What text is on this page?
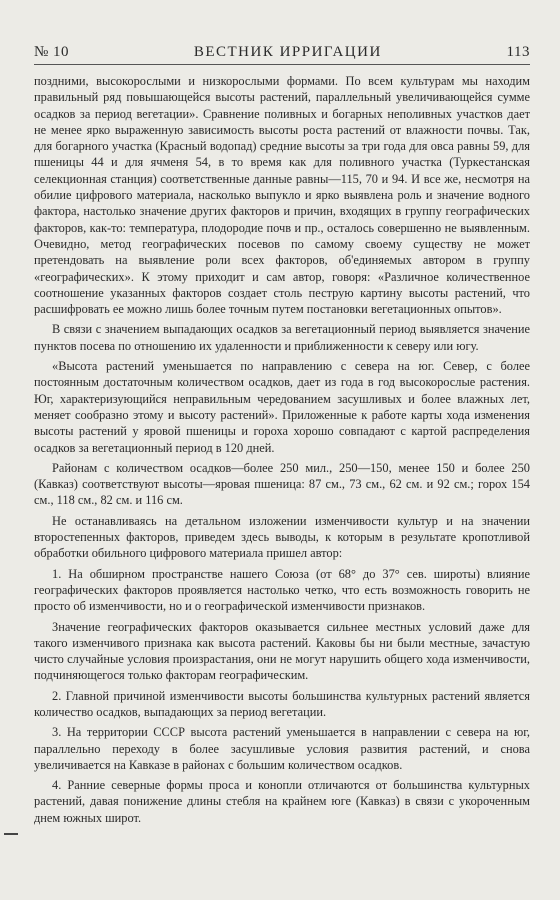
№ 10	ВЕСТНИК ИРРИГАЦИИ	113

поздними, высокорослыми и низкорослыми формами. По всем культурам мы находим правильный ряд повышающейся высоты растений, параллельный увеличивающейся сумме осадков за период вегетации». Сравнение поливных и богарных неполивных участков дает не менее ярко выраженную зависимость высоты роста растений от влажности почвы. Так, для богарного участка (Красный водопад) средние высоты за три года для овса равны 59, для пшеницы 44 и для ячменя 54, в то время как для поливного участка (Туркестанская селекционная станция) соответственные данные равны—115, 70 и 94. И все же, несмотря на обилие цифрового материала, насколько выпукло и ярко выявлена роль и значение водного фактора, настолько значение других факторов и причин, входящих в группу географических факторов, как-то: температура, плодородие почв и пр., осталось совершенно не выявленным. Очевидно, метод географических посевов по самому своему существу не может претендовать на выявление роли всех факторов, об'единяемых автором в группу «географических». К этому приходит и сам автор, говоря: «Различное количественное соотношение указанных факторов создает столь пеструю картину высоты растений, что расшифровать ее можно лишь более точным путем постановки вегетационных опытов».

В связи с значением выпадающих осадков за вегетационный период выявляется значение пунктов посева по отношению их удаленности и приближенности к северу или югу.

«Высота растений уменьшается по направлению с севера на юг. Север, с более постоянным достаточным количеством осадков, дает из года в год высокорослые растения. Юг, характеризующийся неправильным чередованием засушливых и более влажных лет, меняет сообразно этому и высоту растений». Приложенные к работе карты хода изменения высоты растений у яровой пшеницы и гороха хорошо совпадают с картой распределения осадков за вегетационный период в 120 дней.

Районам с количеством осадков—более 250 мил., 250—150, менее 150 и более 250 (Кавказ) соответствуют высоты—яровая пшеница: 87 см., 73 см., 62 см. и 92 см.; горох 154 см., 118 см., 82 см. и 116 см.

Не останавливаясь на детальном изложении изменчивости культур и на значении второстепенных факторов, приведем здесь выводы, к которым в результате кропотливой обработки обильного цифрового материала пришел автор:

1. На обширном пространстве нашего Союза (от 68° до 37° сев. широты) влияние географических факторов проявляется настолько четко, что есть возможность говорить не просто об изменчивости, но и о географической изменчивости признаков.

Значение географических факторов оказывается сильнее местных условий даже для такого изменчивого признака как высота растений. Каковы бы ни были местные, зачастую чисто случайные условия произрастания, они не могут нарушить общего хода изменчивости, подчиняющегося только факторам географическим.

2. Главной причиной изменчивости высоты большинства культурных растений является количество осадков, выпадающих за период вегетации.

3. На территории СССР высота растений уменьшается в направлении с севера на юг, параллельно переходу в более засушливые условия развития растений, и снова увеличивается на Кавказе в районах с большим количеством осадков.

4. Ранние северные формы проса и конопли отличаются от большинства культурных растений, давая понижение длины стебля на крайнем юге (Кавказ) в связи с укороченным днем южных широт.
